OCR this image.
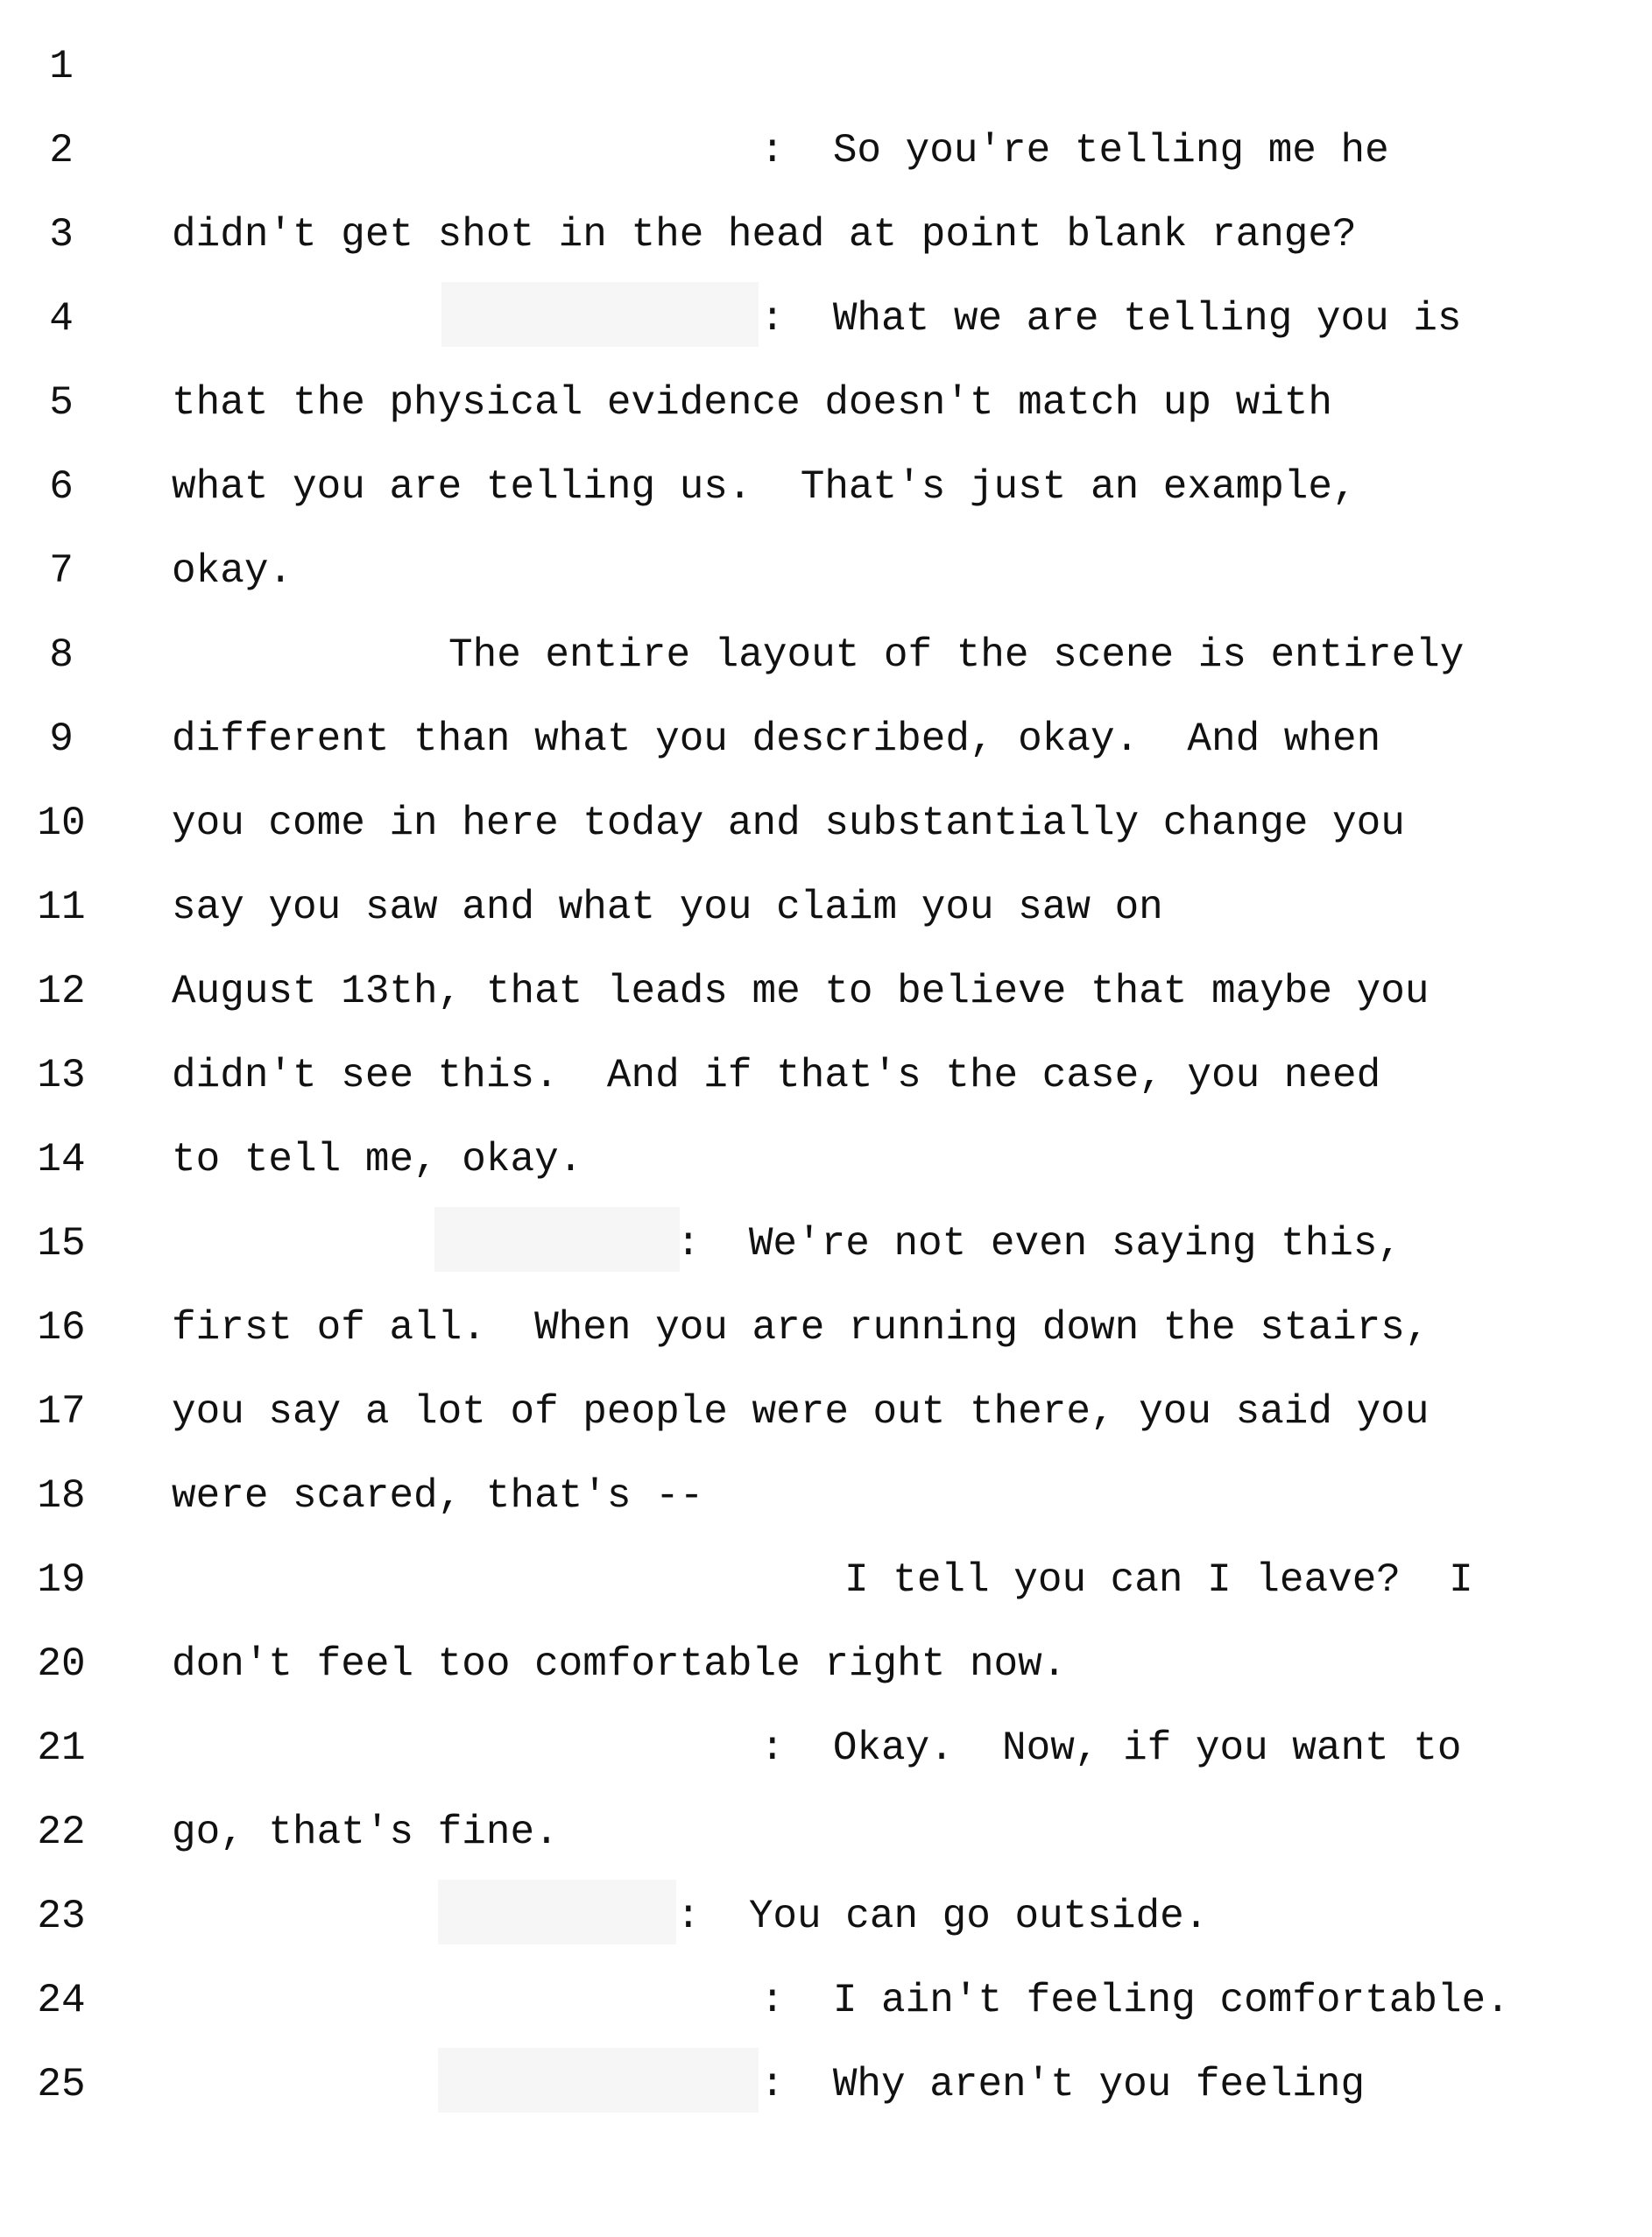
1
2	:  So you're telling me he
3	didn't get shot in the head at point blank range?
4	:  What we are telling you is
5	that the physical evidence doesn't match up with
6	what you are telling us.  That's just an example,
7	okay.
8	The entire layout of the scene is entirely
9	different than what you described, okay.  And when
10 you come in here today and substantially change you
11 say you saw and what you claim you saw on
12 August 13th, that leads me to believe that maybe you
13 didn't see this.  And if that's the case, you need
14 to tell me, okay.
15	:  We're not even saying this,
16 first of all.  When you are running down the stairs,
17 you say a lot of people were out there, you said you
18 were scared, that's --
19	I tell you can I leave?  I
20 don't feel too comfortable right now.
21	:  Okay.  Now, if you want to
22 go, that's fine.
23	:  You can go outside.
24	:  I ain't feeling comfortable.
25	:  Why aren't you feeling
